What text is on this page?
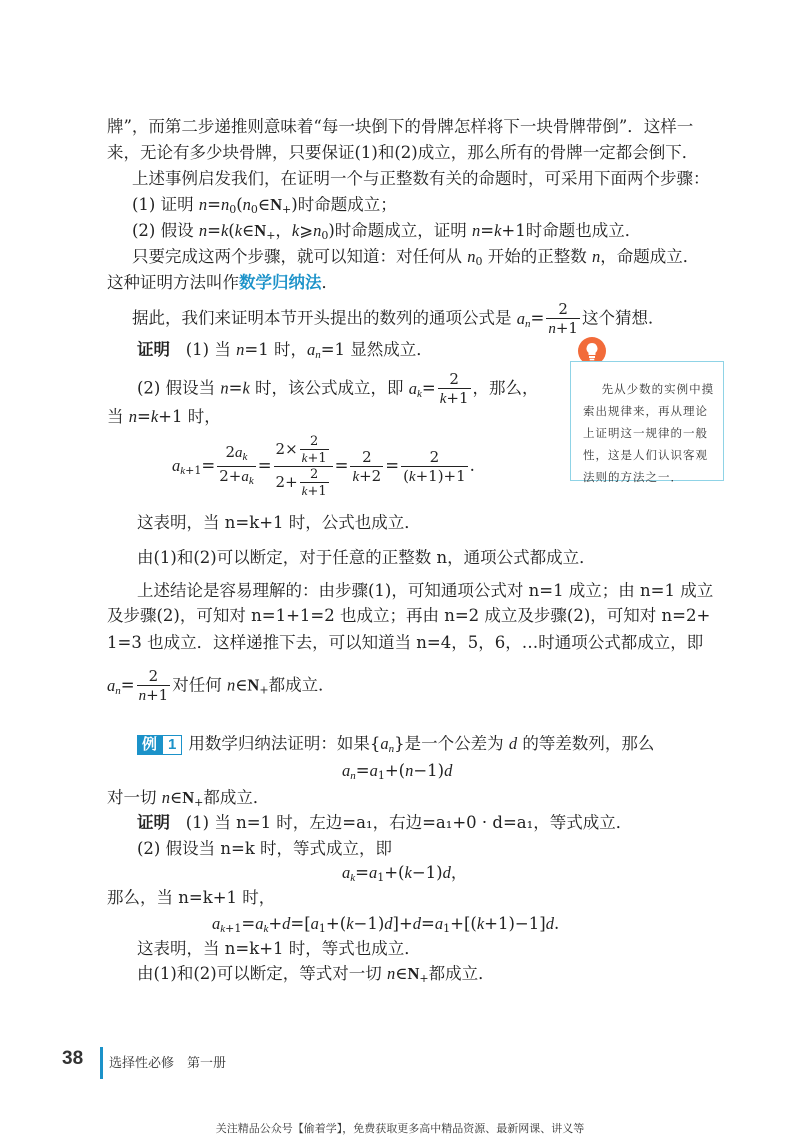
牌”，而第二步递推则意味着“每一块倒下的骨牌怎样将下一块骨牌带倒”．这样一
来，无论有多少块骨牌，只要保证(1)和(2)成立，那么所有的骨牌一定都会倒下．
上述事例启发我们，在证明一个与正整数有关的命题时，可采用下面两个步骤：
(1) 证明 $n=n_0(n_0\in N_+)$时命题成立；
(2) 假设 $n=k(k\in N_+$，$k⩾n_0$)时命题成立，证明 n=k+1时命题也成立．
只要完成这两个步骤，就可以知道：对任何从 $n_0$ 开始的正整数 n，命题成立．
这种证明方法叫作数学归纳法．
据此，我们来证明本节开头提出的数列的通项公式是 $an= \frac{2}{n+1}$ 这个猜想．
证明 (1) 当 n=1 时，an=1 显然成立．
(2) 假设当 n=k 时，该公式成立，即 $ak= \frac{2}{k+1}$ ，那么，
当 n=k+1 时，
$ak_{+1}= \frac{2a_k}{2+a_k} = \frac{2\times \frac{2}{k+1}}{2+ \frac{2}{k+1}} = \frac{2}{k+2} = \frac{2}{(k+1)+1}$ .
这表明，当 n=k+1 时，公式也成立．
由(1)和(2)可以断定，对于任意的正整数 n，通项公式都成立．
上述结论是容易理解的：由步骤(1)，可知通项公式对 n=1 成立；由 n=1 成立
及步骤(2)，可知对 n=1+1=2 也成立；再由 n=2 成立及步骤(2)，可知对 n=2+
1=3 也成立．这样递推下去，可以知道当 n=4，5，6，…时通项公式都成立，即
$an= \frac{2}{n+1}$ 对任何 $n\in N_+$都成立．
先从少数的实例中摸索出规律来，再从理论上证明这一规律的一般性，这是人们认识客观法则的方法之一．
例 1 用数学归纳法证明：如果{an}是一个公差为 d 的等差数列，那么
$an=a_1+(n-1)d$
对一切 $n\in N_+$都成立．
证明 (1) 当 n=1 时，左边=a₁，右边=a₁+0 · d=a₁，等式成立．
(2) 假设当 n=k 时，等式成立，即
$ak=a_1+(k-1)d$，
那么，当 n=k+1 时，
$ak_{+1}=ak+d=[a_1+(k-1)d]+d=a_1+[(k+1)-1]d$.
这表明，当 n=k+1 时，等式也成立．
由(1)和(2)可以断定，等式对一切 $n\in N_+$都成立．
38 选择性必修　第一册
关注精品公众号【偷着学】，免费获取更多高中精品资源、最新网课、讲义等
